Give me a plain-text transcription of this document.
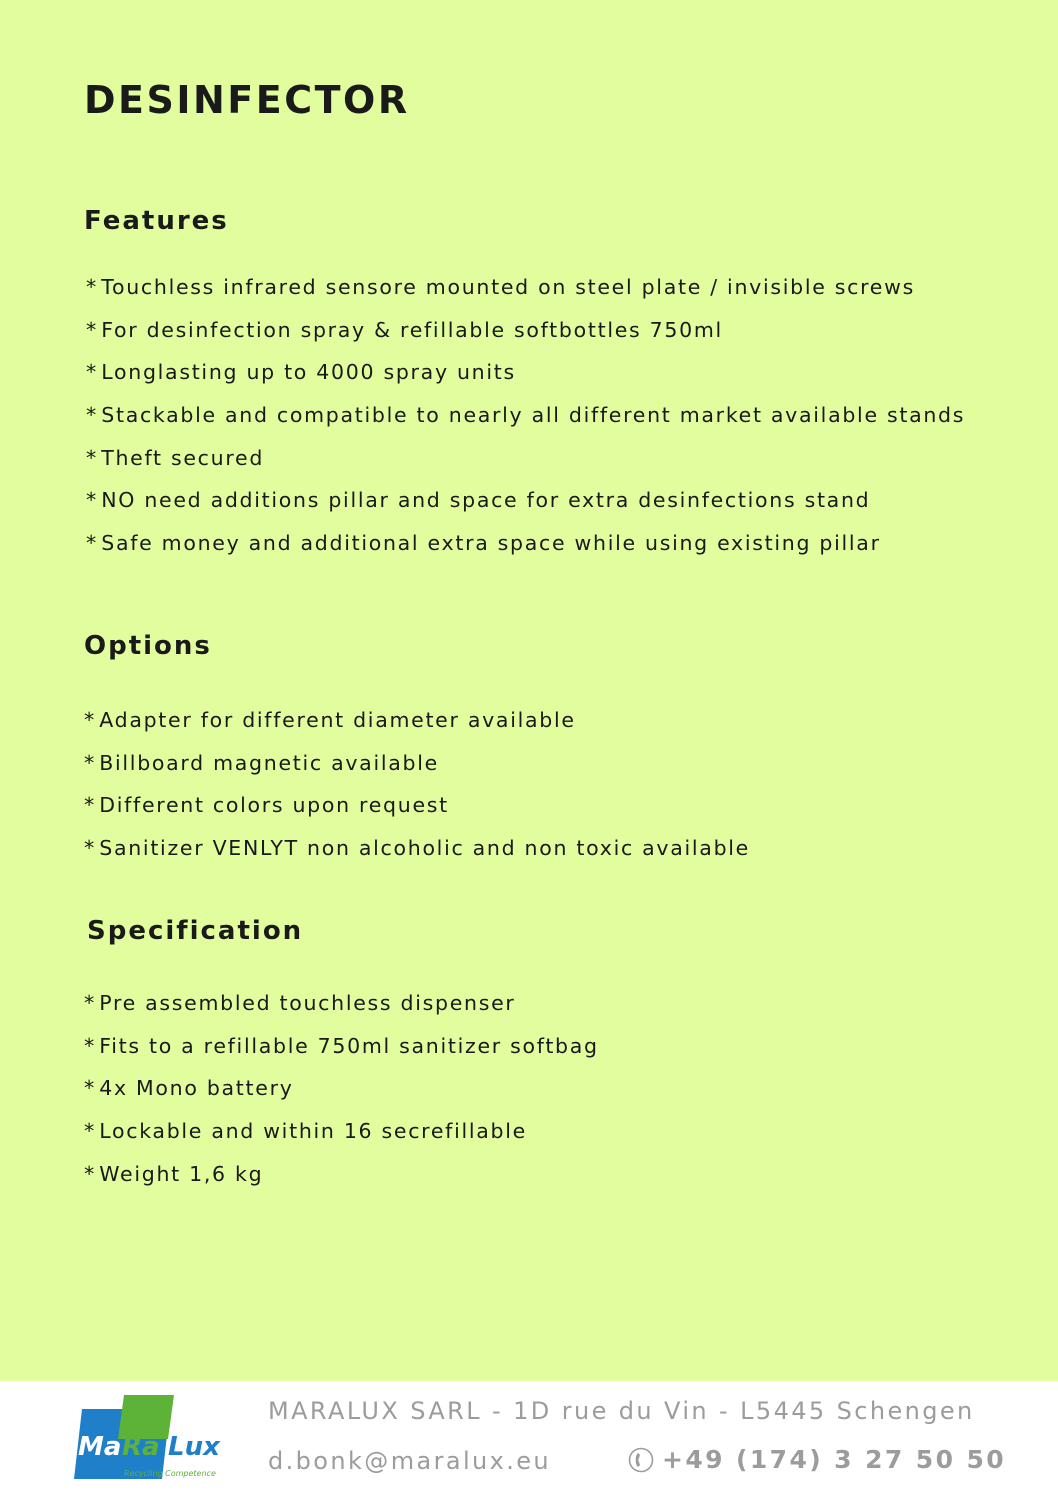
DESINFECTOR
Features
* Touchless infrared sensore mounted on steel plate / invisible screws
* For desinfection spray & refillable softbottles 750ml
* Longlasting up to 4000 spray units
* Stackable and compatible to nearly all different market available stands
* Theft secured
* NO need additions pillar and space for extra desinfections stand
* Safe money and additional extra space while using existing pillar
Options
* Adapter for different diameter available
* Billboard magnetic available
* Different colors upon request
* Sanitizer VENLYT non alcoholic and non toxic available
Specification
* Pre assembled touchless dispenser
* Fits to a refillable 750ml sanitizer softbag
* 4x Mono battery
* Lockable and within 16 secrefillable
* Weight 1,6 kg
Ma Ra Lux
Recycling Competence
MARALUX SARL - 1D rue du Vin - L5445 Schengen
d.bonk@maralux.eu	+49 (174) 3 27 50 50
